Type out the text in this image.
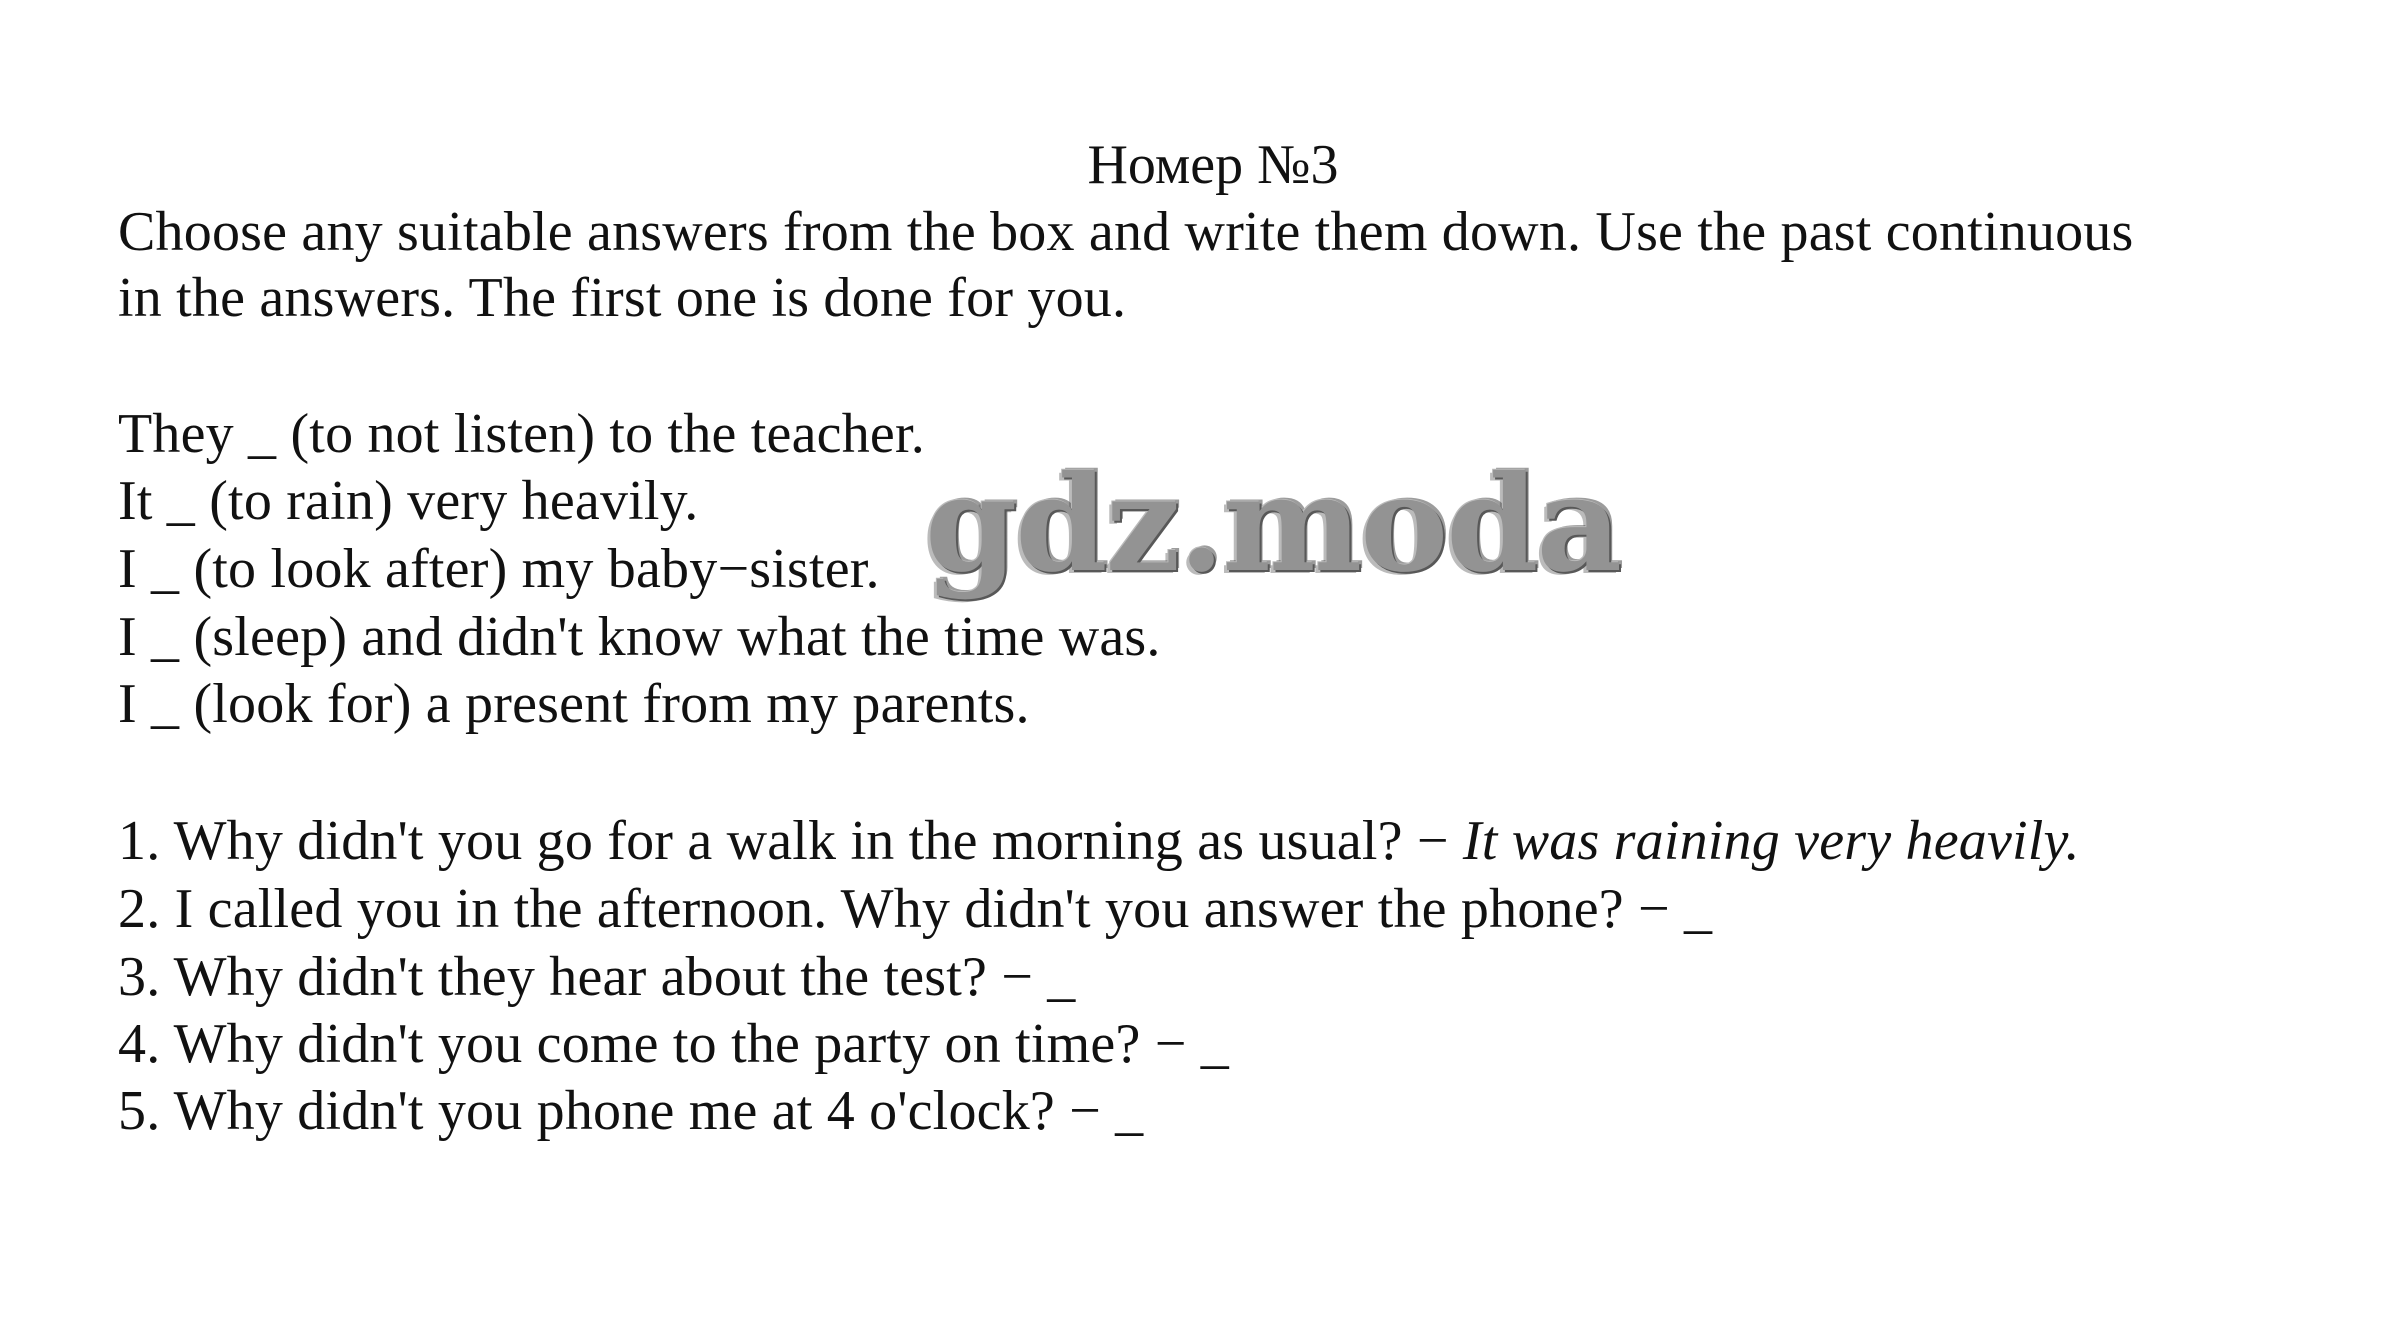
Номер №3
Choose any suitable answers from the box and write them down. Use the past continuous
in the answers. The first one is done for you.
They _ (to not listen) to the teacher.
It _ (to rain) very heavily.
I _ (to look after) my baby−sister.
I _ (sleep) and didn't know what the time was.
I _ (look for) a present from my parents.
1. Why didn't you go for a walk in the morning as usual? − It was raining very heavily.
2. I called you in the afternoon. Why didn't you answer the phone? − _
3. Why didn't they hear about the test? − _
4. Why didn't you come to the party on time? − _
5. Why didn't you phone me at 4 o'clock? − _
gdz.moda
